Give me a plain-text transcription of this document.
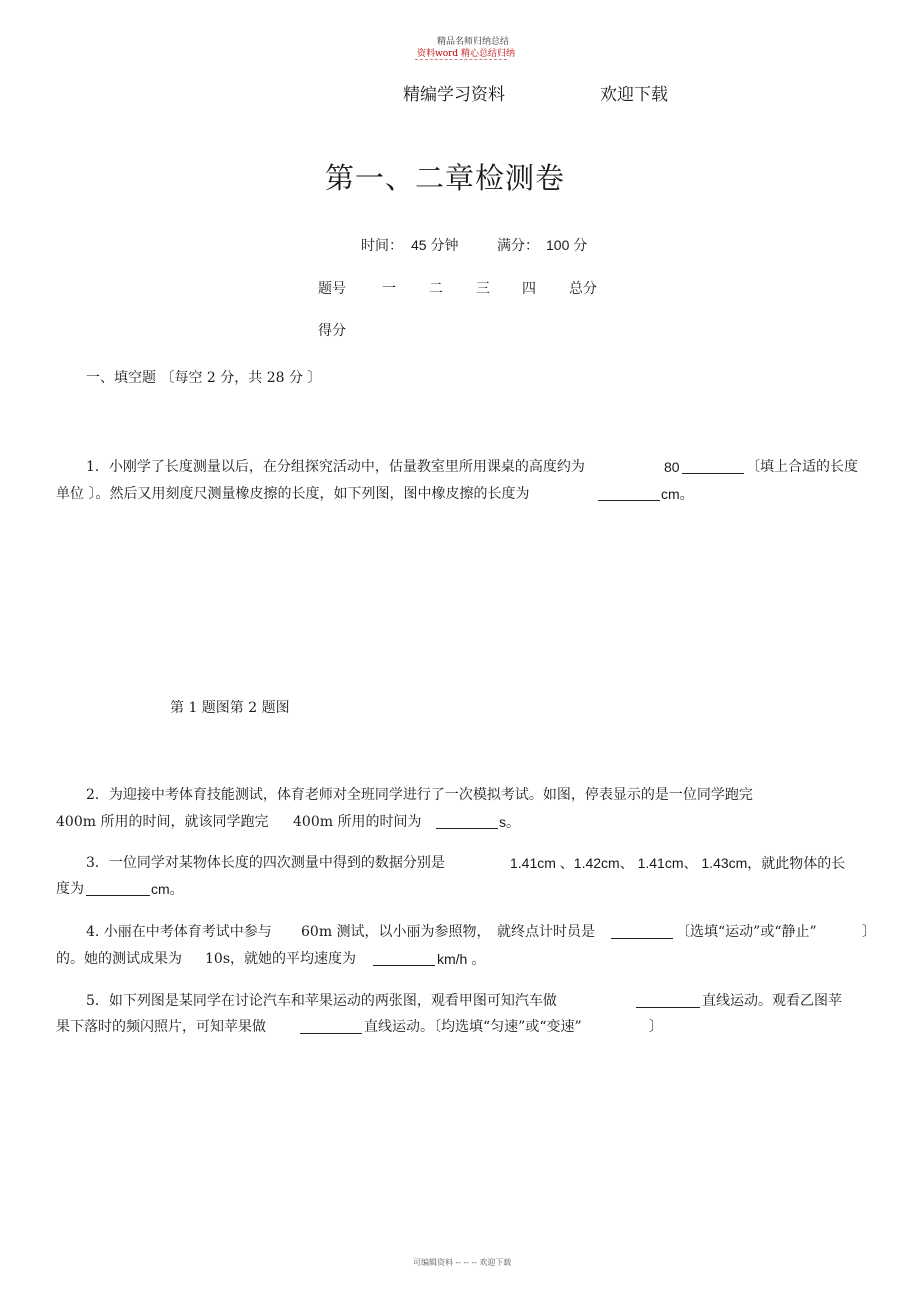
精品名师归纳总结
资料word 精心总结归纳
精编学习资料	欢迎下载
第一、二章检测卷
时间： 45 分钟	满分： 100 分
题号	一 二 三 四 总分
得分
一、填空题 〔每空 2 分，共 28 分 〕
1．小刚学了长度测量以后，在分组探究活动中，估量教室里所用课桌的高度约为	80	〔填上合适的长度
单位 〕。然后又用刻度尺测量橡皮擦的长度，如下列图，图中橡皮擦的长度为	cm。
第 1 题图第 2 题图
2．为迎接中考体育技能测试，体育老师对全班同学进行了一次模拟考试。如图，停表显示的是一位同学跑完
400m 所用的时间，就该同学跑完 400m 所用的时间为	s。
3．一位同学对某物体长度的四次测量中得到的数据分别是	1.41cm 、1.42cm、 1.41cm、 1.43cm，就此物体的长
度为	cm。
4. 小丽在中考体育考试中参与 60m 测试，以小丽为参照物， 就终点计时员是	〔选填“运动”或“静止”	〕
的。她的测试成果为 10s，就她的平均速度为	km/h 。
5．如下列图是某同学在讨论汽车和苹果运动的两张图，观看甲图可知汽车做	直线运动。观看乙图苹
果下落时的频闪照片，可知苹果做	直线运动。〔均选填“匀速”或“变速”	〕
可编辑资料 -- -- -- 欢迎下载
